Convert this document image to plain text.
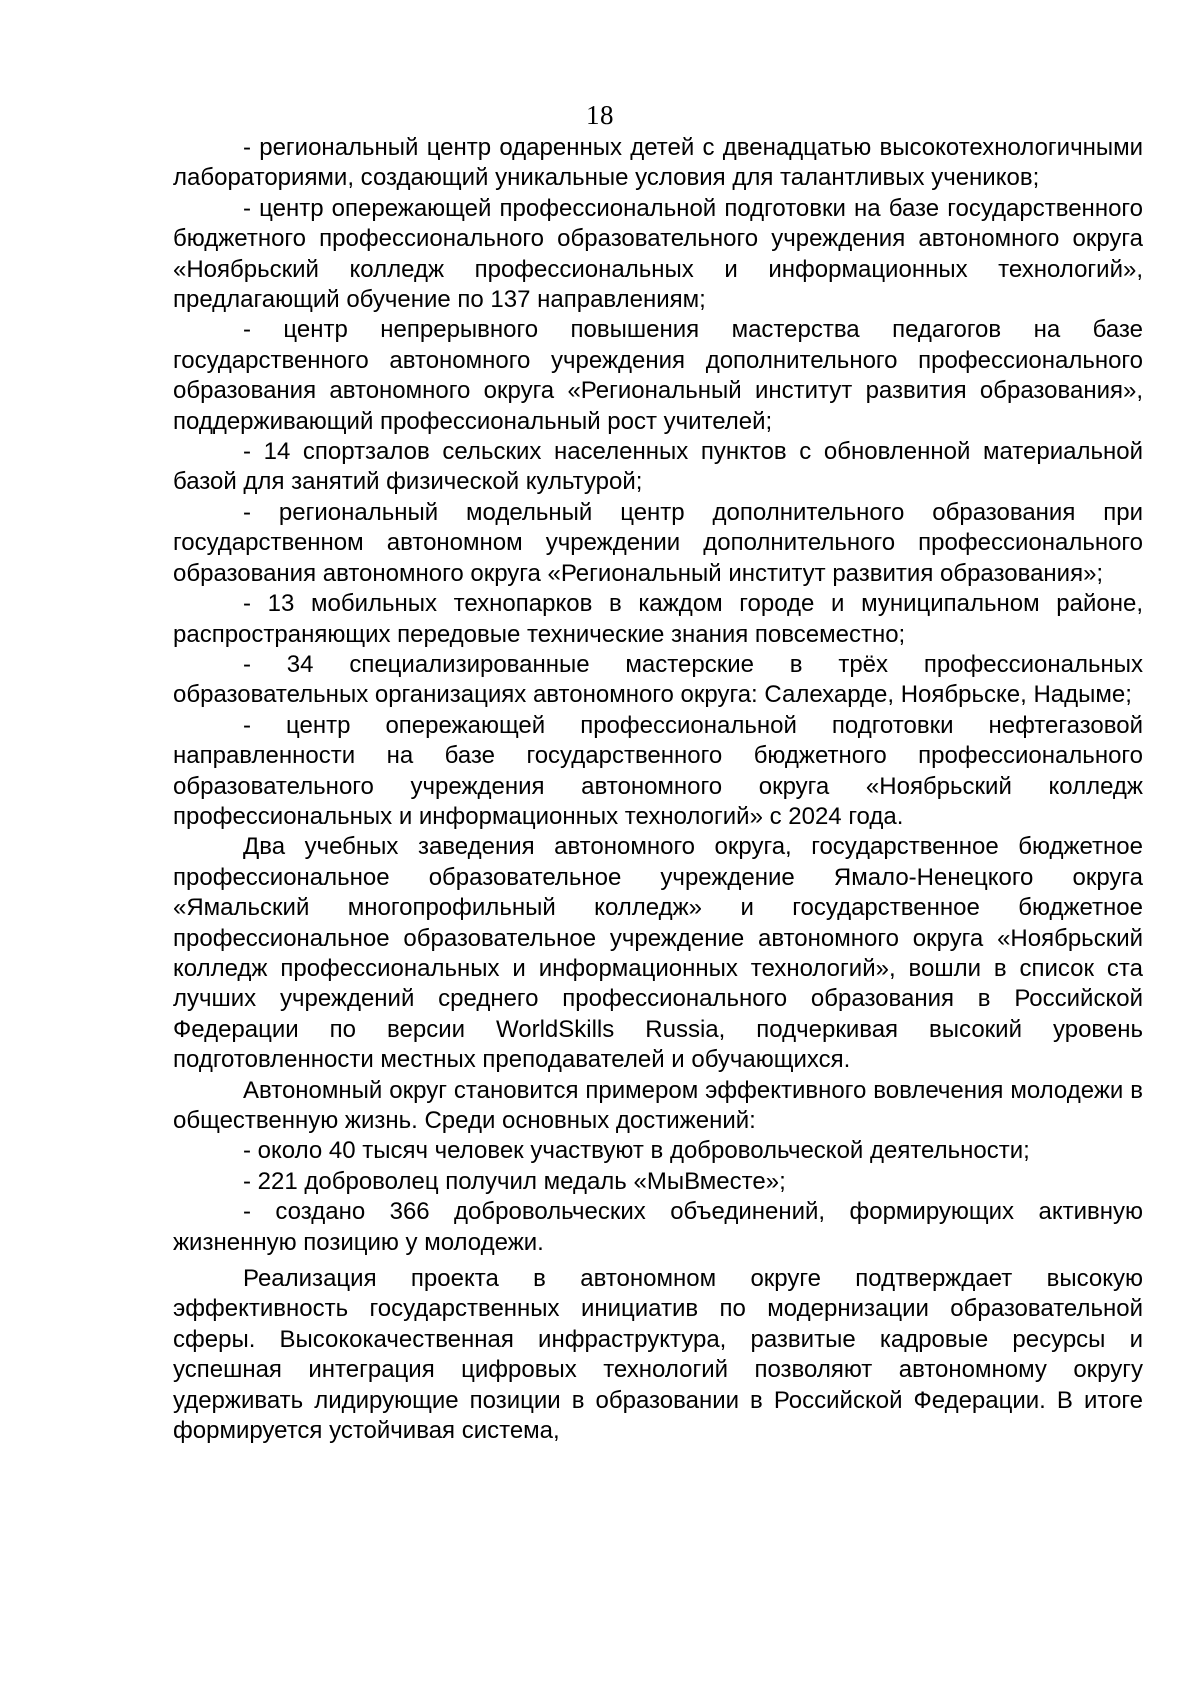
18

- региональный центр одаренных детей с двенадцатью высокотехнологичными лабораториями, создающий уникальные условия для талантливых учеников;

- центр опережающей профессиональной подготовки на базе государственного бюджетного профессионального образовательного учреждения автономного округа «Ноябрьский колледж профессиональных и информационных технологий», предлагающий обучение по 137 направлениям;

- центр непрерывного повышения мастерства педагогов на базе государственного автономного учреждения дополнительного профессионального образования автономного округа «Региональный институт развития образования», поддерживающий профессиональный рост учителей;

- 14 спортзалов сельских населенных пунктов с обновленной материальной базой для занятий физической культурой;

- региональный модельный центр дополнительного образования при государственном автономном учреждении дополнительного профессионального образования автономного округа «Региональный институт развития образования»;

- 13 мобильных технопарков в каждом городе и муниципальном районе, распространяющих передовые технические знания повсеместно;

- 34 специализированные мастерские в трёх профессиональных образовательных организациях автономного округа: Салехарде, Ноябрьске, Надыме;

- центр опережающей профессиональной подготовки нефтегазовой направленности на базе государственного бюджетного профессионального образовательного учреждения автономного округа «Ноябрьский колледж профессиональных и информационных технологий» с 2024 года.

Два учебных заведения автономного округа, государственное бюджетное профессиональное образовательное учреждение Ямало-Ненецкого округа «Ямальский многопрофильный колледж» и государственное бюджетное профессиональное образовательное учреждение автономного округа «Ноябрьский колледж профессиональных и информационных технологий», вошли в список ста лучших учреждений среднего профессионального образования в Российской Федерации по версии WorldSkills Russia, подчеркивая высокий уровень подготовленности местных преподавателей и обучающихся.

Автономный округ становится примером эффективного вовлечения молодежи в общественную жизнь. Среди основных достижений:

- около 40 тысяч человек участвуют в добровольческой деятельности;

- 221 доброволец получил медаль «МыВместе»;

- создано 366 добровольческих объединений, формирующих активную жизненную позицию у молодежи.

Реализация проекта в автономном округе подтверждает высокую эффективность государственных инициатив по модернизации образовательной сферы. Высококачественная инфраструктура, развитые кадровые ресурсы и успешная интеграция цифровых технологий позволяют автономному округу удерживать лидирующие позиции в образовании в Российской Федерации. В итоге формируется устойчивая система,
